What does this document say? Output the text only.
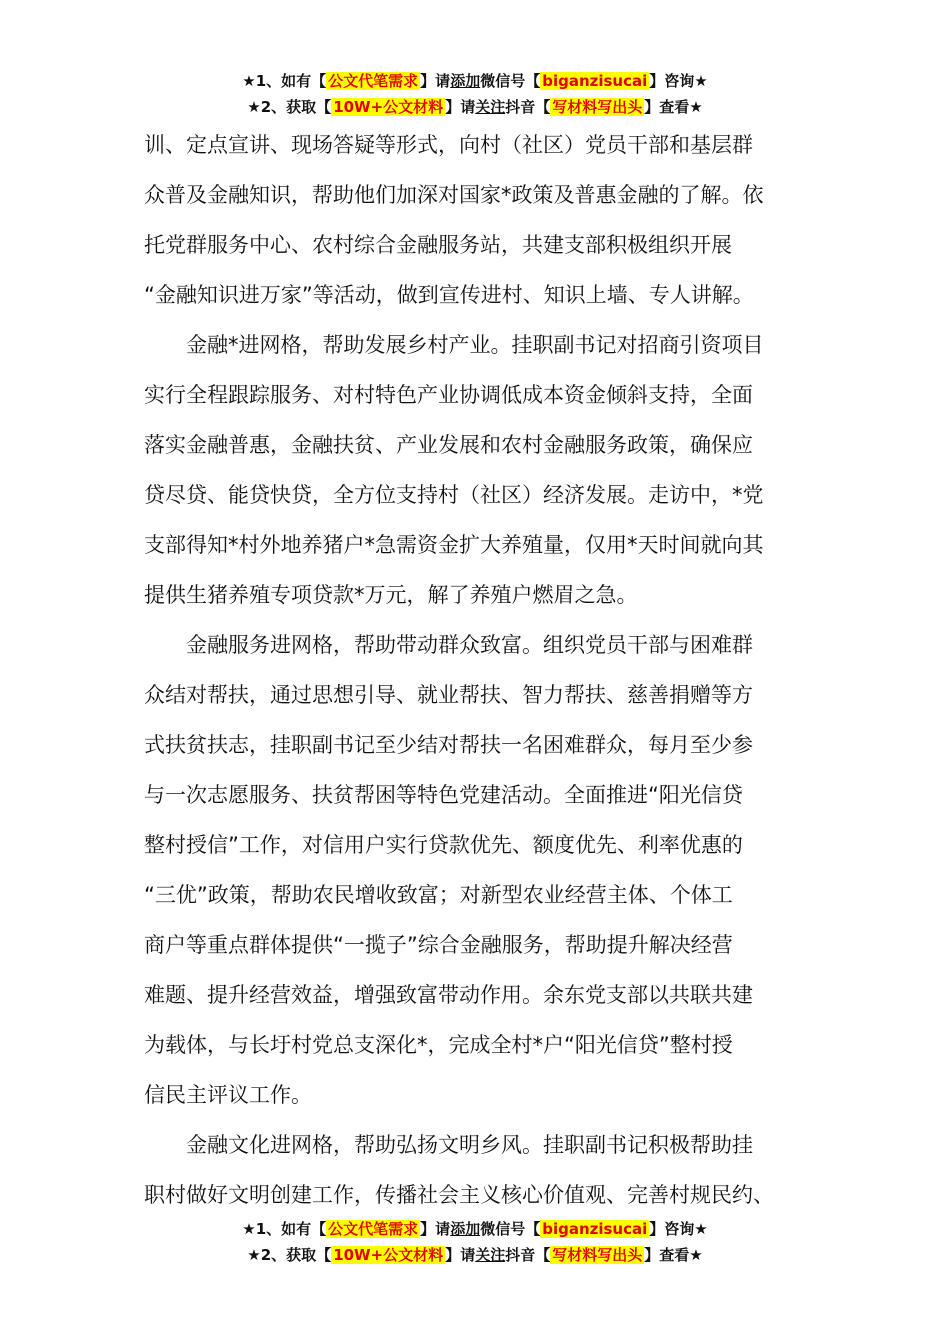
★1、如有【 公文代笔需求 】请添加微信号【 biganzisucai 】咨询★
★2、获取【 10W+公文材料 】请关注抖音【 写材料写出头 】查看★
训、定点宣讲、现场答疑等形式，向村（社区）党员干部和基层群
众普及金融知识，帮助他们加深对国家*政策及普惠金融的了解。依
托党群服务中心、农村综合金融服务站，共建支部积极组织开展
“金融知识进万家”等活动，做到宣传进村、知识上墙、专人讲解。
金融*进网格，帮助发展乡村产业。挂职副书记对招商引资项目
实行全程跟踪服务、对村特色产业协调低成本资金倾斜支持，全面
落实金融普惠，金融扶贫、产业发展和农村金融服务政策，确保应
贷尽贷、能贷快贷，全方位支持村（社区）经济发展。走访中，*党
支部得知*村外地养猪户*急需资金扩大养殖量，仅用*天时间就向其
提供生猪养殖专项贷款*万元，解了养殖户燃眉之急。
金融服务进网格，帮助带动群众致富。组织党员干部与困难群
众结对帮扶，通过思想引导、就业帮扶、智力帮扶、慈善捐赠等方
式扶贫扶志，挂职副书记至少结对帮扶一名困难群众，每月至少参
与一次志愿服务、扶贫帮困等特色党建活动。全面推进“阳光信贷
整村授信”工作，对信用户实行贷款优先、额度优先、利率优惠的
“三优”政策，帮助农民增收致富；对新型农业经营主体、个体工
商户等重点群体提供“一揽子”综合金融服务，帮助提升解决经营
难题、提升经营效益，增强致富带动作用。余东党支部以共联共建
为载体，与长圩村党总支深化*，完成全村*户“阳光信贷”整村授
信民主评议工作。
金融文化进网格，帮助弘扬文明乡风。挂职副书记积极帮助挂
职村做好文明创建工作，传播社会主义核心价值观、完善村规民约、
★1、如有【 公文代笔需求 】请添加微信号【 biganzisucai 】咨询★
★2、获取【 10W+公文材料 】请关注抖音【 写材料写出头 】查看★
